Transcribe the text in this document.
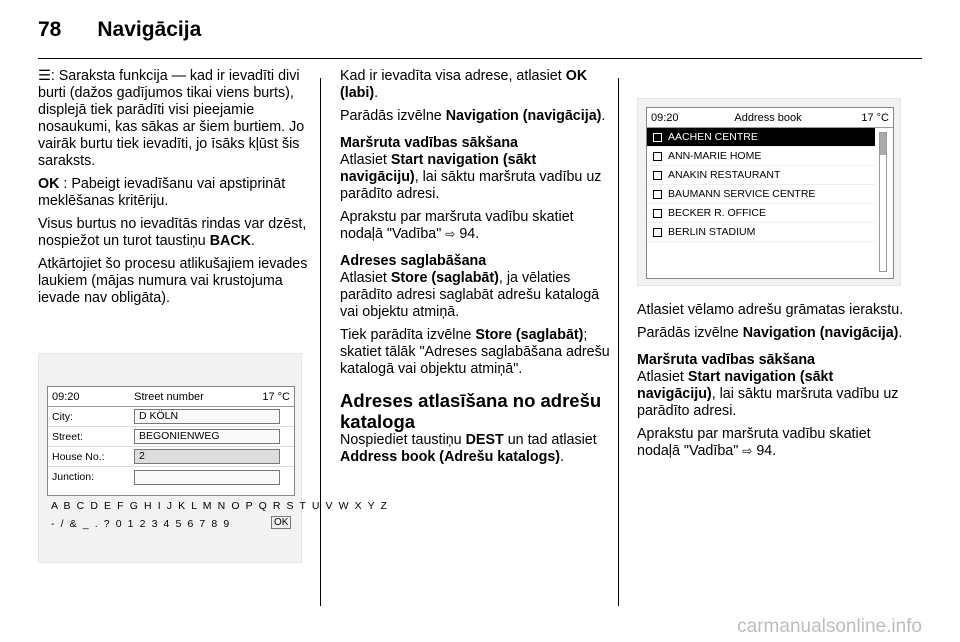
78 Navigācija

☰: Saraksta funkcija — kad ir ievadīti divi burti (dažos gadījumos tikai viens burts), displejā tiek parādīti visi pieejamie nosaukumi, kas sākas ar šiem burtiem. Jo vairāk burtu tiek ievadīti, jo īsāks kļūst šis saraksts.

OK : Pabeigt ievadīšanu vai apstiprināt meklēšanas kritēriju.

Visus burtus no ievadītās rindas var dzēst, nospiežot un turot taustiņu BACK.

Atkārtojiet šo procesu atlikušajiem ievades laukiem (mājas numura vai krustojuma ievade nav obligāta).

09:20	Street number	17 °C
City:	D KÖLN
Street:	BEGONIENWEG
House No.:	2
Junction:
A B C D E F G H I J K L M N O P Q R S T U V W X Y Z
- / & _ . ? 0 1 2 3 4 5 6 7 8 9	OK

Kad ir ievadīta visa adrese, atlasiet OK (labi).

Parādās izvēlne Navigation (navigācija).

Maršruta vadības sākšana

Atlasiet Start navigation (sākt navigāciju), lai sāktu maršruta vadību uz parādīto adresi.

Aprakstu par maršruta vadību skatiet nodaļā "Vadība" ⇨ 94.

Adreses saglabāšana

Atlasiet Store (saglabāt), ja vēlaties parādīto adresi saglabāt adrešu katalogā vai objektu atmiņā.

Tiek parādīta izvēlne Store (saglabāt); skatiet tālāk "Adreses saglabāšana adrešu katalogā vai objektu atmiņā".

Adreses atlasīšana no adrešu kataloga

Nospiediet taustiņu DEST un tad atlasiet Address book (Adrešu katalogs).

09:20	Address book	17 °C
AACHEN CENTRE
ANN-MARIE HOME
ANAKIN RESTAURANT
BAUMANN SERVICE CENTRE
BECKER R. OFFICE
BERLIN STADIUM

Atlasiet vēlamo adrešu grāmatas ierakstu.

Parādās izvēlne Navigation (navigācija).

Maršruta vadības sākšana

Atlasiet Start navigation (sākt navigāciju), lai sāktu maršruta vadību uz parādīto adresi.

Aprakstu par maršruta vadību skatiet nodaļā "Vadība" ⇨ 94.

carmanualsonline.info
